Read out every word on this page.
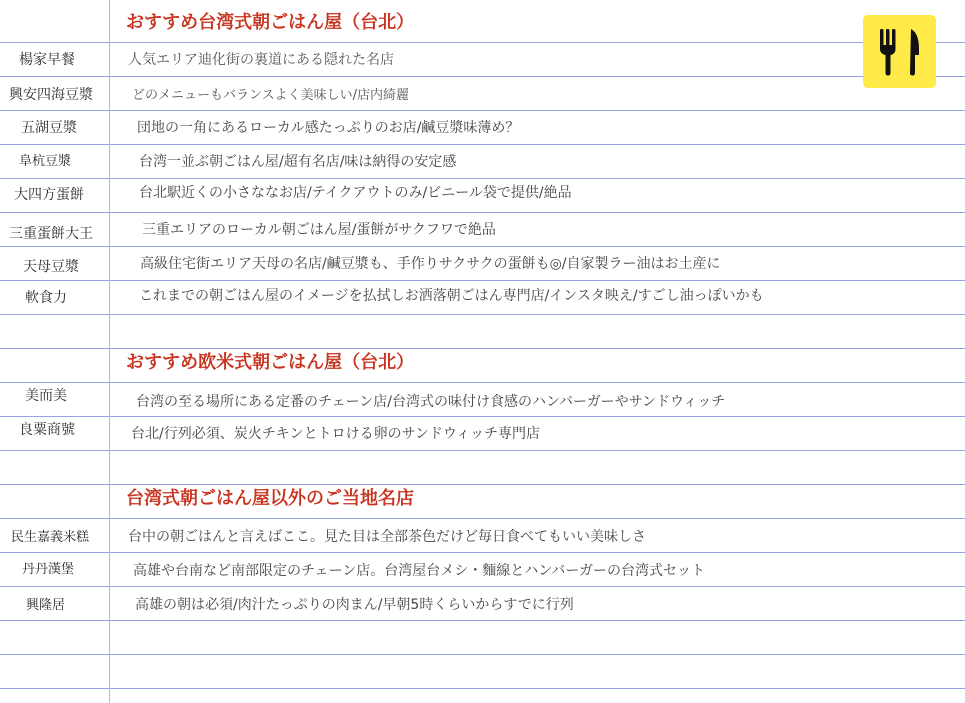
おすすめ台湾式朝ごはん屋（台北）
楊家早餐	人気エリア迪化街の裏道にある隠れた名店
興安四海豆漿	どのメニューもバランスよく美味しい/店内綺麗
五湖豆漿	団地の一角にあるローカル感たっぷりのお店/鹹豆漿味薄め？
阜杭豆漿	台湾一並ぶ朝ごはん屋/超有名店/味は納得の安定感
大四方蛋餅	台北駅近くの小さななお店/テイクアウトのみ/ビニール袋で提供/絶品
三重蛋餅大王	三重エリアのローカル朝ごはん屋/蛋餅がサクフワで絶品
天母豆漿	高級住宅街エリア天母の名店/鹹豆漿も、手作りサクサクの蛋餅も◎/自家製ラー油はお土産に
軟食力	これまでの朝ごはん屋のイメージを払拭しお洒落朝ごはん専門店/インスタ映え/すごし油っぽいかも
おすすめ欧米式朝ごはん屋（台北）
美而美	台湾の至る場所にある定番のチェーン店/台湾式の味付け食感のハンバーガーやサンドウィッチ
良粟商號	台北/行列必須、炭火チキンとトロける卵のサンドウィッチ専門店
台湾式朝ごはん屋以外のご当地名店
民生嘉義米糕	台中の朝ごはんと言えばここ。見た目は全部茶色だけど毎日食べてもいい美味しさ
丹丹漢堡	高雄や台南など南部限定のチェーン店。台湾屋台メシ・麵線とハンバーガーの台湾式セット
興隆居	高雄の朝は必須/肉汁たっぷりの肉まん/早朝5時くらいからすでに行列
